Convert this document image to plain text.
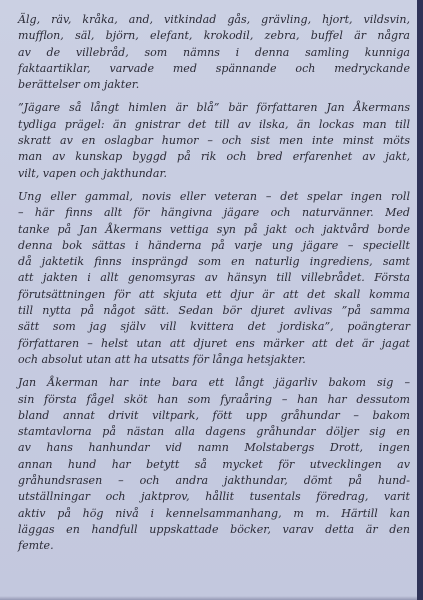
Älg, räv, kråka, and, vitkindad gås, grävling, hjort, vildsvin,
mufflon, säl, björn, elefant, krokodil, zebra, buffel är några
av de villebråd, som nämns i denna samling kunniga
faktaartiklar, varvade med spännande och medryckande
berättelser om jakter.

”Jägare så långt himlen är blå” bär författaren Jan Åkermans
tydliga prägel: än gnistrar det till av ilska, än lockas man till
skratt av en oslagbar humor – och sist men inte minst möts
man av kunskap byggd på rik och bred erfarenhet av jakt,
vilt, vapen och jakthundar.

Ung eller gammal, novis eller veteran – det spelar ingen roll
– här finns allt för hängivna jägare och naturvänner. Med
tanke på Jan Åkermans vettiga syn på jakt och jaktvård borde
denna bok sättas i händerna på varje ung jägare – speciellt
då jaktetik finns insprängd som en naturlig ingrediens, samt
att jakten i allt genomsyras av hänsyn till villebrådet. Första
förutsättningen för att skjuta ett djur är att det skall komma
till nytta på något sätt. Sedan bör djuret avlivas ”på samma
sätt som jag själv vill kvittera det jordiska”, poängterar
författaren – helst utan att djuret ens märker att det är jagat
och absolut utan att ha utsatts för långa hetsjakter.

Jan Åkerman har inte bara ett långt jägarliv bakom sig –
sin första fågel sköt han som fyraåring – han har dessutom
bland annat drivit viltpark, fött upp gråhundar – bakom
stamtavlorna på nästan alla dagens gråhundar döljer sig en
av hans hanhundar vid namn Molstabergs Drott, ingen
annan hund har betytt så mycket för utvecklingen av
gråhundsrasen – och andra jakthundar, dömt på hund-
utställningar och jaktprov, hållit tusentals föredrag, varit
aktiv på hög nivå i kennelsammanhang, m m. Härtill kan
läggas en handfull uppskattade böcker, varav detta är den
femte.
